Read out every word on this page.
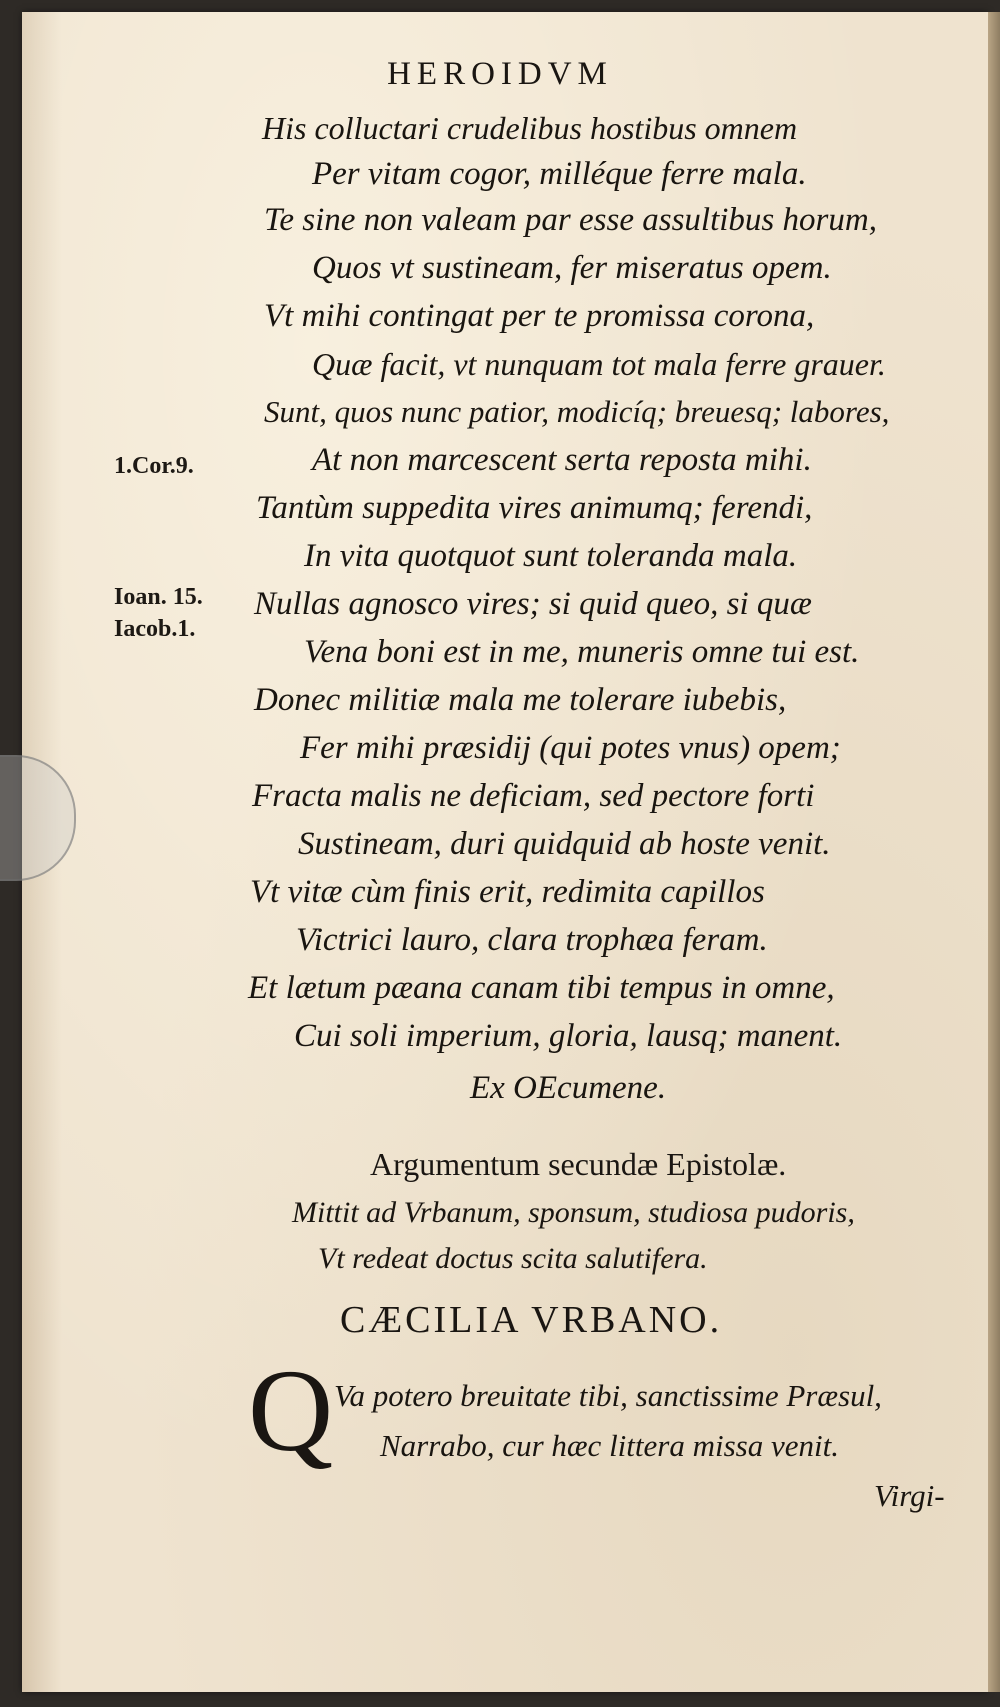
HEROIDVM
His colluctari crudelibus hostibus omnem
Per vitam cogor, milléque ferre mala.
Te sine non valeam par esse assultibus horum,
Quos vt sustineam, fer miseratus opem.
Vt mihi contingat per te promissa corona,
Quæ facit, vt nunquam tot mala ferre grauer.
Sunt, quos nunc patior, modicíq; breuesq; labores,
At non marcescent serta reposta mihi.
Tantùm suppedita vires animumq; ferendi,
In vita quotquot sunt toleranda mala.
Nullas agnosco vires; si quid queo, si quæ
Vena boni est in me, muneris omne tui est.
Donec militiæ mala me tolerare iubebis,
Fer mihi præsidij (qui potes vnus) opem;
Fracta malis ne deficiam, sed pectore forti
Sustineam, duri quidquid ab hoste venit.
Vt vitæ cùm finis erit, redimita capillos
Victrici lauro, clara trophæa feram.
Et lætum pæana canam tibi tempus in omne,
Cui soli imperium, gloria, lausq; manent.
Ex OEcumene.
1.Cor.9.
Ioan. 15.
Iacob.1.
Argumentum secundæ Epistolæ.
Mittit ad Vrbanum, sponsum, studiosa pudoris,
Vt redeat doctus scita salutifera.
CÆCILIA VRBANO.
Q Va potero breuitate tibi, sanctissime Præsul,
Narrabo, cur hæc littera missa venit.
Virgi-
